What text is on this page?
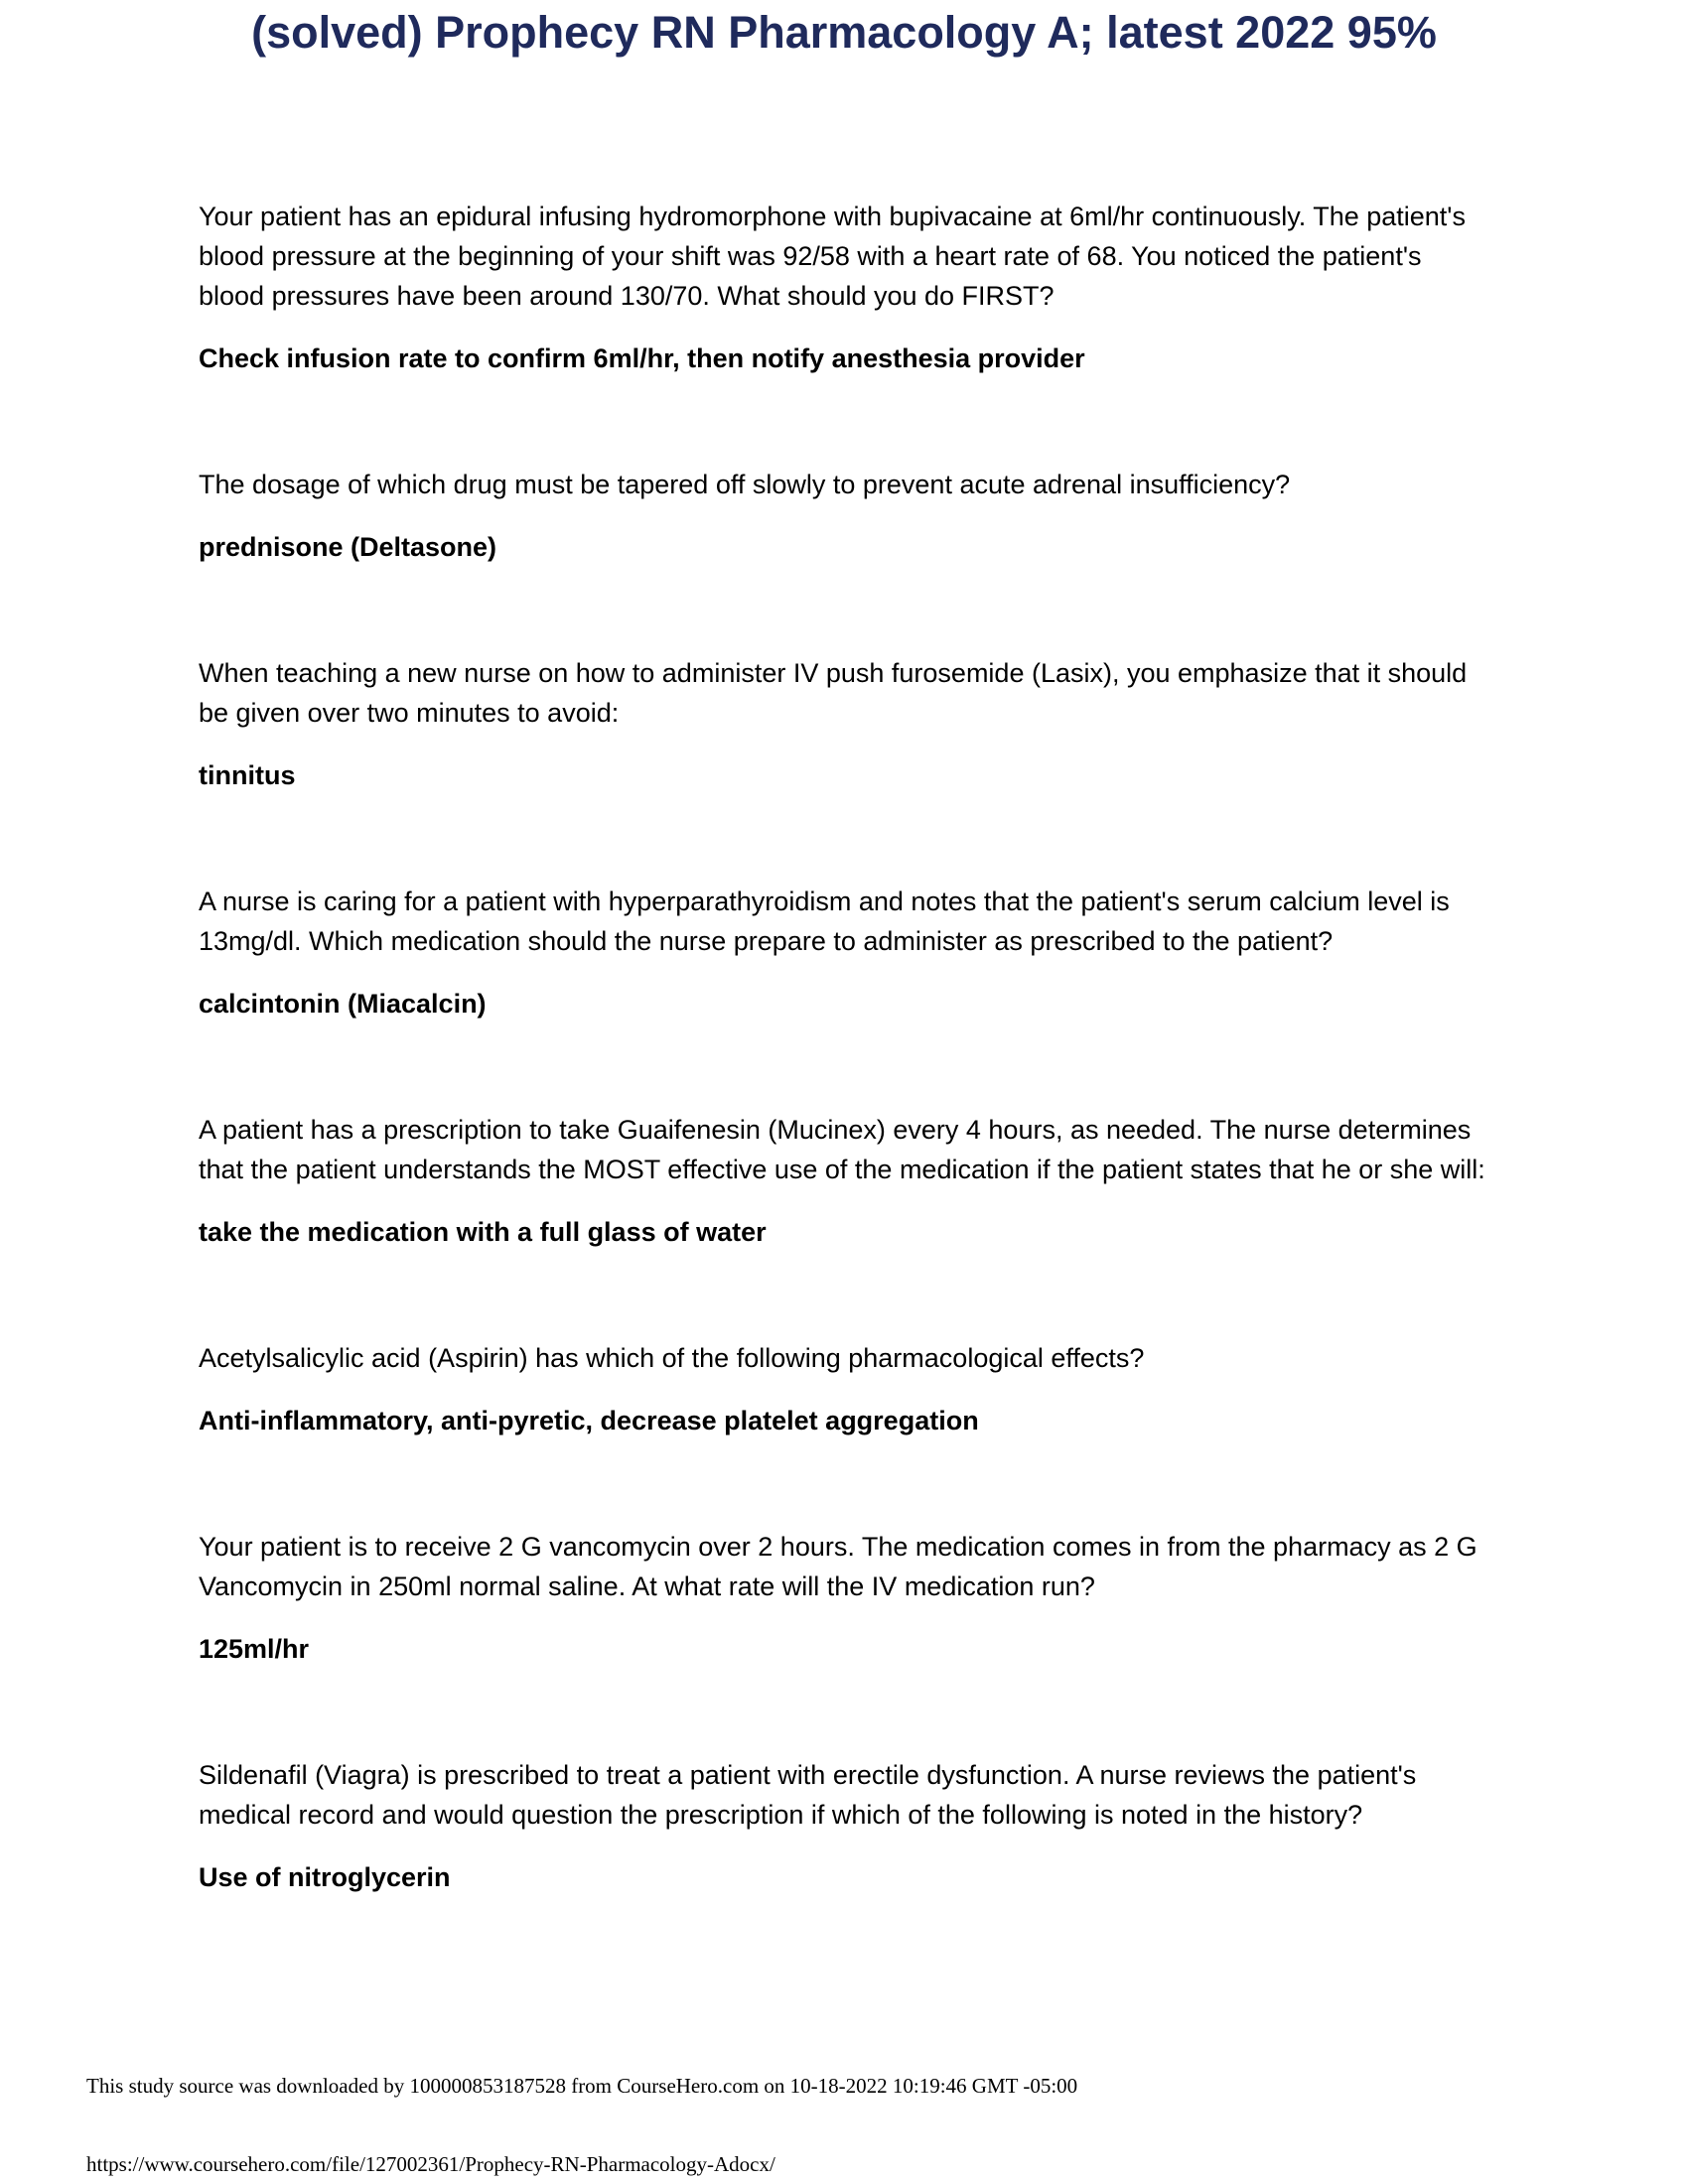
(solved) Prophecy RN Pharmacology A; latest 2022 95%

Your patient has an epidural infusing hydromorphone with bupivacaine at 6ml/hr continuously. The patient's blood pressure at the beginning of your shift was 92/58 with a heart rate of 68. You noticed the patient's blood pressures have been around 130/70. What should you do FIRST?

Check infusion rate to confirm 6ml/hr, then notify anesthesia provider

The dosage of which drug must be tapered off slowly to prevent acute adrenal insufficiency?

prednisone (Deltasone)

When teaching a new nurse on how to administer IV push furosemide (Lasix), you emphasize that it should be given over two minutes to avoid:

tinnitus

A nurse is caring for a patient with hyperparathyroidism and notes that the patient's serum calcium level is 13mg/dl. Which medication should the nurse prepare to administer as prescribed to the patient?

calcintonin (Miacalcin)

A patient has a prescription to take Guaifenesin (Mucinex) every 4 hours, as needed. The nurse determines that the patient understands the MOST effective use of the medication if the patient states that he or she will:

take the medication with a full glass of water

Acetylsalicylic acid (Aspirin) has which of the following pharmacological effects?

Anti-inflammatory, anti-pyretic, decrease platelet aggregation

Your patient is to receive 2 G vancomycin over 2 hours. The medication comes in from the pharmacy as 2 G Vancomycin in 250ml normal saline. At what rate will the IV medication run?

125ml/hr

Sildenafil (Viagra) is prescribed to treat a patient with erectile dysfunction. A nurse reviews the patient's medical record and would question the prescription if which of the following is noted in the history?

Use of nitroglycerin

This study source was downloaded by 100000853187528 from CourseHero.com on 10-18-2022 10:19:46 GMT -05:00

https://www.coursehero.com/file/127002361/Prophecy-RN-Pharmacology-Adocx/
